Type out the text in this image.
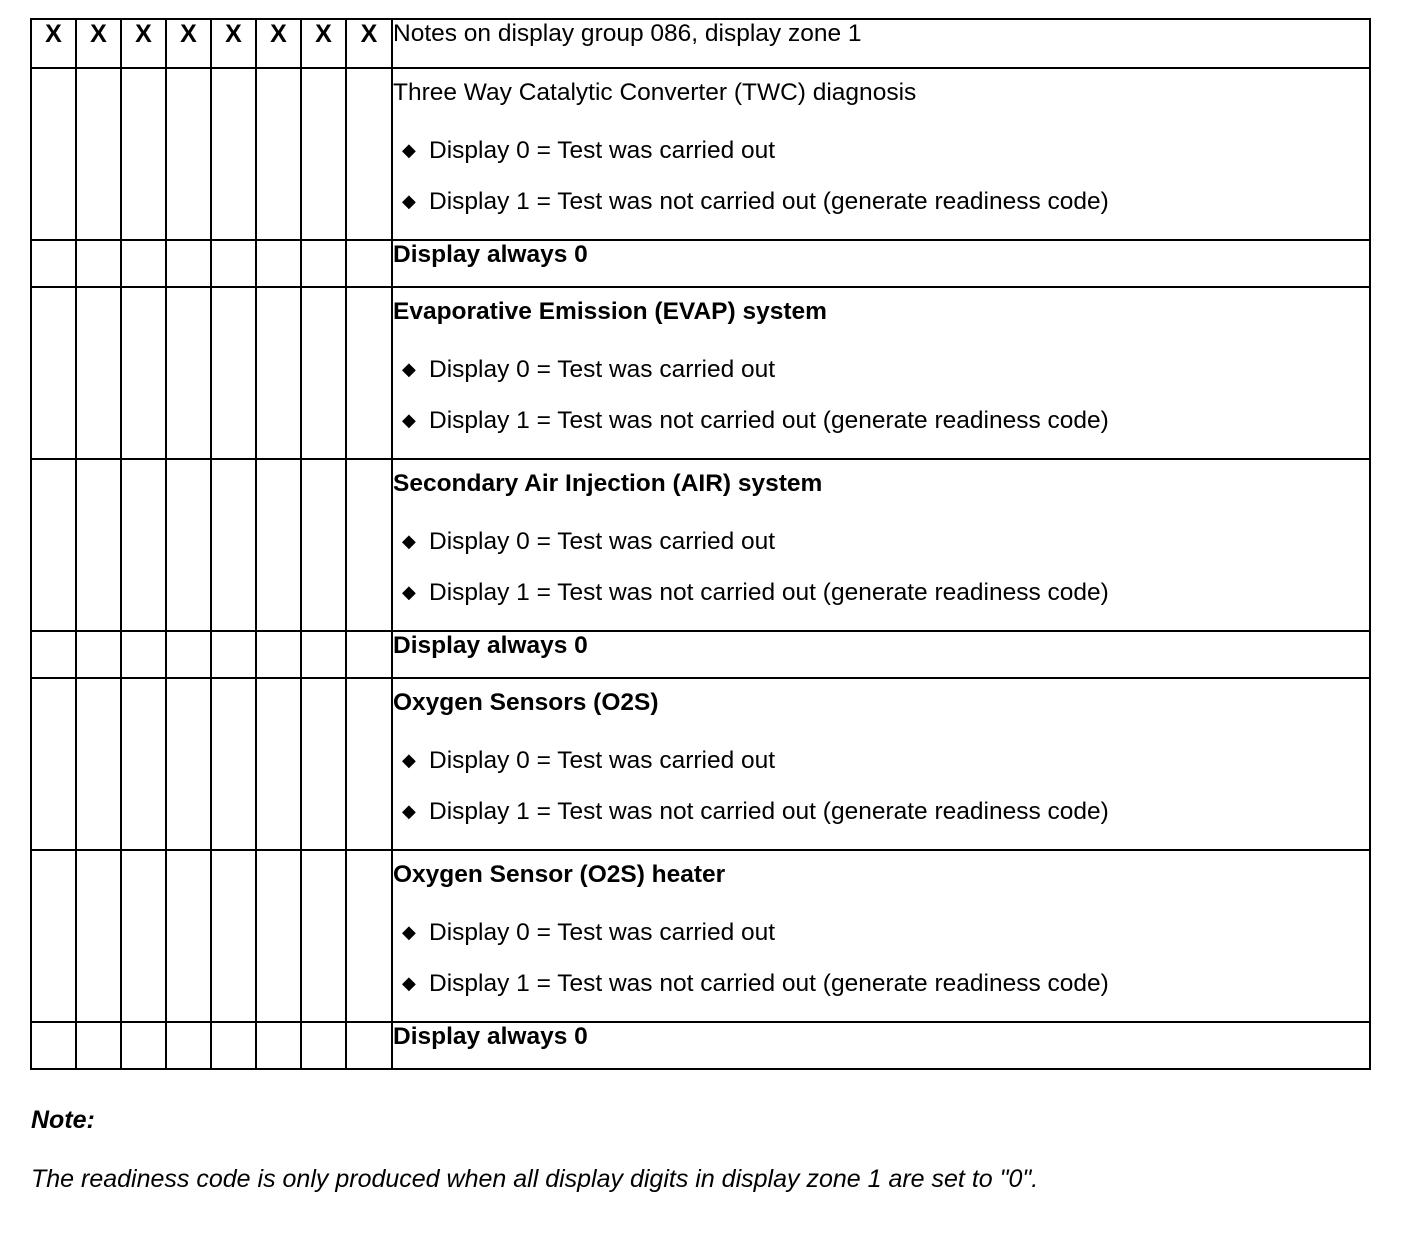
X	X	X	X	X	X	X	X	Notes on display group 086, display zone 1

								Three Way Catalytic Converter (TWC) diagnosis
◆ Display 0 = Test was carried out
◆ Display 1 = Test was not carried out (generate readiness code)

								Display always 0

								Evaporative Emission (EVAP) system
◆ Display 0 = Test was carried out
◆ Display 1 = Test was not carried out (generate readiness code)

								Secondary Air Injection (AIR) system
◆ Display 0 = Test was carried out
◆ Display 1 = Test was not carried out (generate readiness code)

								Display always 0

								Oxygen Sensors (O2S)
◆ Display 0 = Test was carried out
◆ Display 1 = Test was not carried out (generate readiness code)

								Oxygen Sensor (O2S) heater
◆ Display 0 = Test was carried out
◆ Display 1 = Test was not carried out (generate readiness code)

								Display always 0
Note:
The readiness code is only produced when all display digits in display zone 1 are set to "0".
